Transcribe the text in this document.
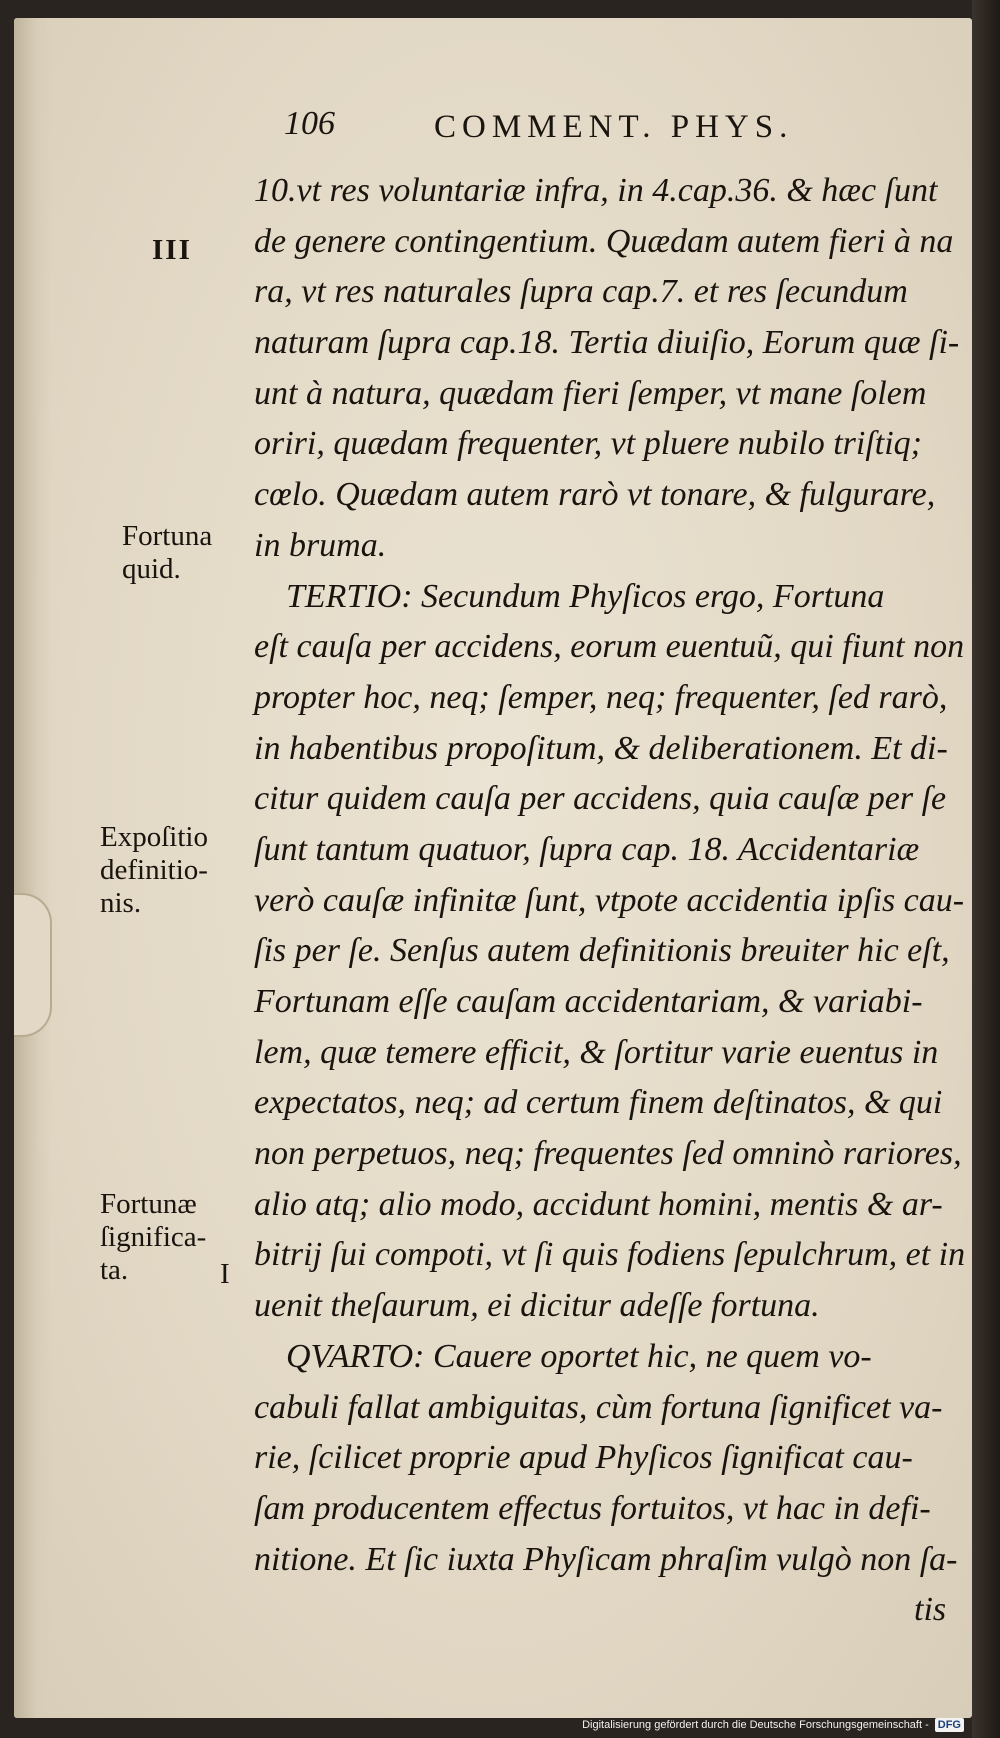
106	COMMENT. PHYS.
III
Fortuna
quid.
Expoſitio
definitio-
nis.
Fortunæ
ſignifica-
ta.	I
10.vt res voluntariæ infra, in 4.cap.36. & hæc ſunt
de genere contingentium. Quædam autem fieri à na
ra, vt res naturales ſupra cap.7. et res ſecundum
naturam ſupra cap.18. Tertia diuiſio, Eorum quæ ſi-
unt à natura, quædam fieri ſemper, vt mane ſolem
oriri, quædam frequenter, vt pluere nubilo triſtiq;
cœlo. Quædam autem rarò vt tonare, & fulgurare,
in bruma.
TERTIO: Secundum Phyſicos ergo, Fortuna
eſt cauſa per accidens, eorum euentuũ, qui fiunt non
propter hoc, neq; ſemper, neq; frequenter, ſed rarò,
in habentibus propoſitum, & deliberationem. Et di-
citur quidem cauſa per accidens, quia cauſæ per ſe
ſunt tantum quatuor, ſupra cap. 18. Accidentariæ
verò cauſæ infinitæ ſunt, vtpote accidentia ipſis cau-
ſis per ſe. Senſus autem definitionis breuiter hic eſt,
Fortunam eſſe cauſam accidentariam, & variabi-
lem, quæ temere efficit, & ſortitur varie euentus in
expectatos, neq; ad certum finem deſtinatos, & qui
non perpetuos, neq; frequentes ſed omninò rariores,
alio atq; alio modo, accidunt homini, mentis & ar-
bitrij ſui compoti, vt ſi quis fodiens ſepulchrum, et in
uenit theſaurum, ei dicitur adeſſe fortuna.
QVARTO: Cauere oportet hic, ne quem vo-
cabuli fallat ambiguitas, cùm fortuna ſignificet va-
rie, ſcilicet proprie apud Phyſicos ſignificat cau-
ſam producentem effectus fortuitos, vt hac in defi-
nitione. Et ſic iuxta Phyſicam phraſim vulgò non ſa-
tis
Digitalisierung gefördert durch die Deutsche Forschungsgemeinschaft - DFG
